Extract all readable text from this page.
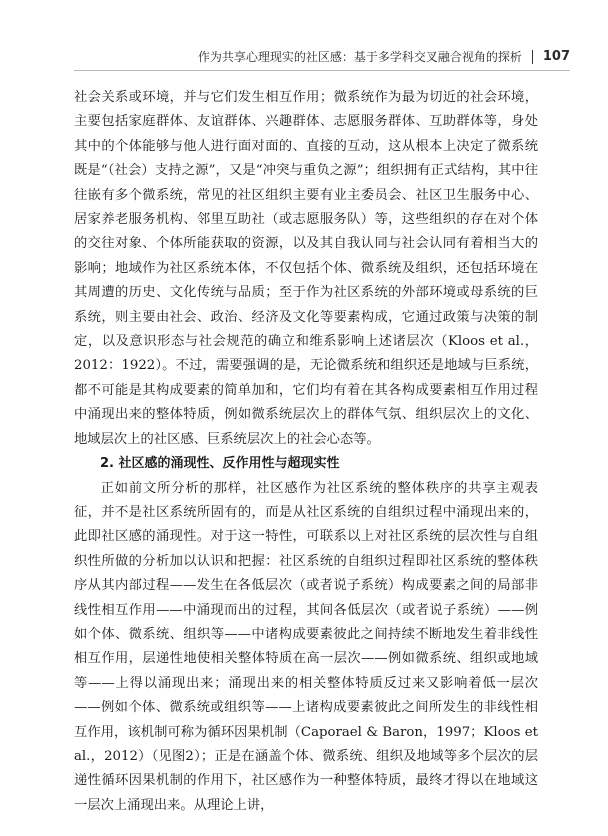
作为共享心理现实的社区感：基于多学科交叉融合视角的探析 107

社会关系或环境，并与它们发生相互作用；微系统作为最为切近的社会环境，主要包括家庭群体、友谊群体、兴趣群体、志愿服务群体、互助群体等，身处其中的个体能够与他人进行面对面的、直接的互动，这从根本上决定了微系统既是“（社会）支持之源”，又是“冲突与重负之源”；组织拥有正式结构，其中往往嵌有多个微系统，常见的社区组织主要有业主委员会、社区卫生服务中心、居家养老服务机构、邻里互助社（或志愿服务队）等，这些组织的存在对个体的交往对象、个体所能获取的资源，以及其自我认同与社会认同有着相当大的影响；地域作为社区系统本体，不仅包括个体、微系统及组织，还包括环境在其周遭的历史、文化传统与品质；至于作为社区系统的外部环境或母系统的巨系统，则主要由社会、政治、经济及文化等要素构成，它通过政策与决策的制定，以及意识形态与社会规范的确立和维系影响上述诸层次（Kloos et al.，2012：1922）。不过，需要强调的是，无论微系统和组织还是地域与巨系统，都不可能是其构成要素的简单加和，它们均有着在其各构成要素相互作用过程中涌现出来的整体特质，例如微系统层次上的群体气氛、组织层次上的文化、地域层次上的社区感、巨系统层次上的社会心态等。

2. 社区感的涌现性、反作用性与超现实性

正如前文所分析的那样，社区感作为社区系统的整体秩序的共享主观表征，并不是社区系统所固有的，而是从社区系统的自组织过程中涌现出来的，此即社区感的涌现性。对于这一特性，可联系以上对社区系统的层次性与自组织性所做的分析加以认识和把握：社区系统的自组织过程即社区系统的整体秩序从其内部过程——发生在各低层次（或者说子系统）构成要素之间的局部非线性相互作用——中涌现而出的过程，其间各低层次（或者说子系统）——例如个体、微系统、组织等——中诸构成要素彼此之间持续不断地发生着非线性相互作用，层递性地使相关整体特质在高一层次——例如微系统、组织或地域等——上得以涌现出来；涌现出来的相关整体特质反过来又影响着低一层次——例如个体、微系统或组织等——上诸构成要素彼此之间所发生的非线性相互作用，该机制可称为循环因果机制（Caporael & Baron，1997；Kloos et al.，2012）（见图2）；正是在涵盖个体、微系统、组织及地域等多个层次的层递性循环因果机制的作用下，社区感作为一种整体特质，最终才得以在地域这一层次上涌现出来。从理论上讲，
